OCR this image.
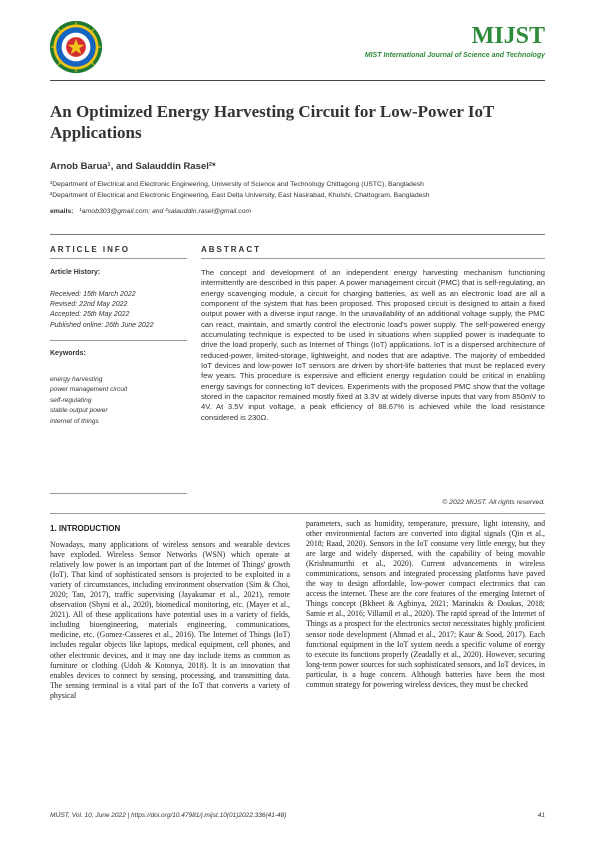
MIJST
MIST International Journal of Science and Technology
An Optimized Energy Harvesting Circuit for Low-Power IoT Applications
Arnob Barua¹, and Salauddin Rasel²*
¹Department of Electrical and Electronic Engineering, University of Science and Technology Chittagong (USTC), Bangladesh
²Department of Electrical and Electronic Engineering, East Delta University, East Nasirabad, Khulshi, Chattogram, Bangladesh
emails: ¹arnob303@gmail.com; and ²salauddin.rasel@gmail.com
ARTICLE INFO	ABSTRACT
Article History:
Received: 15th March 2022
Revised: 22nd May 2022
Accepted: 25th May 2022
Published online: 26th June 2022
Keywords:
energy harvesting
power management circuit
self-regulating
stable output power
internet of things

The concept and development of an independent energy harvesting mechanism functioning intermittently are described in this paper. A power management circuit (PMC) that is self-regulating, an energy scavenging module, a circuit for charging batteries, as well as an electronic load are all a component of the system that has been proposed. This proposed circuit is designed to attain a fixed output power with a diverse input range. In the unavailability of an additional voltage supply, the PMC can react, maintain, and smartly control the electronic load's power supply. The self-powered energy accumulating technique is expected to be used in situations when supplied power is inadequate to drive the load properly, such as Internet of Things (IoT) applications. IoT is a dispersed architecture of reduced-power, limited-storage, lightweight, and nodes that are adaptive. The majority of embedded IoT devices and low-power IoT sensors are driven by short-life batteries that must be replaced every few years. This procedure is expensive and efficient energy regulation could be critical in enabling energy savings for connecting IoT devices. Experiments with the proposed PMC show that the voltage stored in the capacitor remained mostly fixed at 3.3V at widely diverse inputs that vary from 850mV to 4V. At 3.5V input voltage, a peak efficiency of 88.67% is achieved while the load resistance considered is 230Ω.

© 2022 MIJST. All rights reserved.
1. INTRODUCTION

Nowadays, many applications of wireless sensors and wearable devices have exploded. Wireless Sensor Networks (WSN) which operate at relatively low power is an important part of the Internet of Things' growth (IoT). That kind of sophisticated sensors is projected to be exploited in a variety of circumstances, including environment observation (Sim & Choi, 2020; Tan, 2017), traffic supervising (Jayakumar et al., 2021), remote observation (Shyni et al., 2020), biomedical monitoring, etc. (Mayer et al., 2021). All of these applications have potential uses in a variety of fields, including bioengineering, materials engineering, communications, medicine, etc. (Gomez-Casseres et al., 2016). The Internet of Things (IoT) includes regular objects like laptops, medical equipment, cell phones, and other electronic devices, and it may one day include items as common as furniture or clothing (Udoh & Kotonya, 2018). It is an innovation that enables devices to connect by sensing, processing, and transmitting data. The sensing terminal is a vital part of the IoT that converts a variety of physical

parameters, such as humidity, temperature, pressure, light intensity, and other environmental factors are converted into digital signals (Qin et al., 2018; Raad, 2020). Sensors in the IoT consume very little energy, but they are large and widely dispersed, with the capability of being movable (Krishnamurthi et al., 2020). Current advancements in wireless communications, sensors and integrated processing platforms have paved the way to design affordable, low-power compact electronics that can access the internet. These are the core features of the emerging Internet of Things concept (Bkheet & Agbinya, 2021; Marinakis & Doukas, 2018; Samie et al., 2016; Villamil et al., 2020). The rapid spread of the Internet of Things as a prospect for the electronics sector necessitates highly proficient sensor node development (Ahmad et al., 2017; Kaur & Sood, 2017). Each functional equipment in the IoT system needs a specific volume of energy to execute its functions properly (Zeadally et al., 2020). However, securing long-term power sources for such sophisticated sensors, and IoT devices, in particular, is a huge concern. Although batteries have been the most common strategy for powering wireless devices, they must be checked

MIJST, Vol. 10, June 2022 | https://doi.org/10.47981/j.mijst.10(01)2022.336(41-48)	41
